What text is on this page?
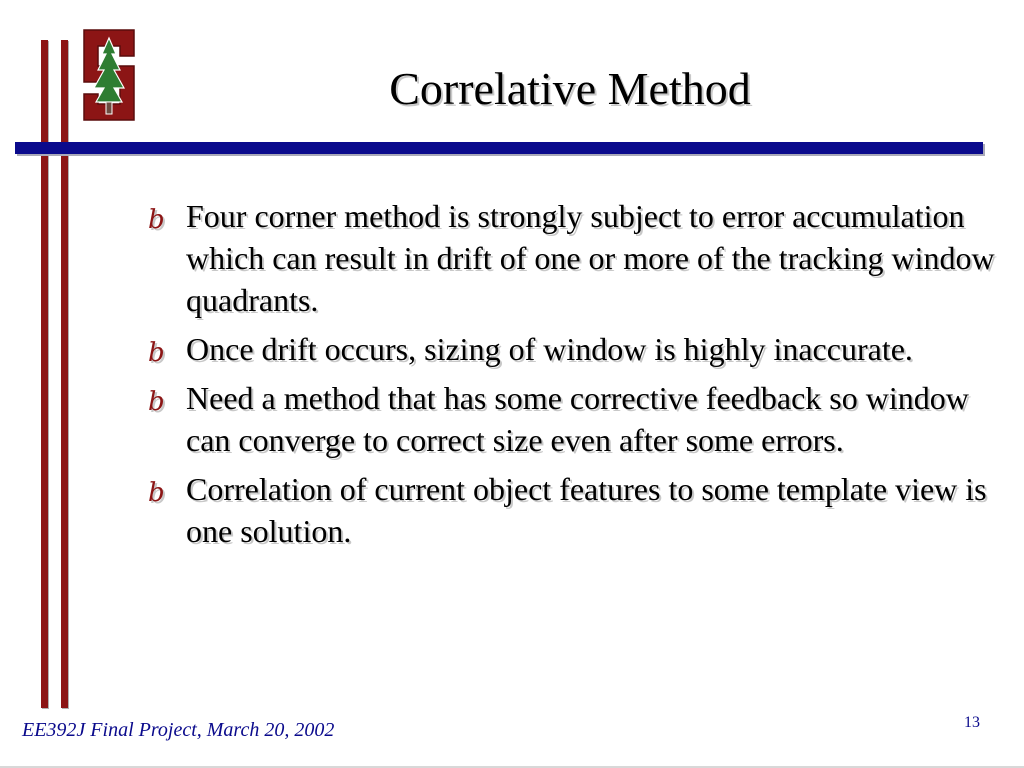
Correlative Method
b Four corner method is strongly subject to error accumulation which can result in drift of one or more of the tracking window quadrants.
b Once drift occurs, sizing of window is highly inaccurate.
b Need a method that has some corrective feedback so window can converge to correct size even after some errors.
b Correlation of current object features to some template view is one solution.
EE392J Final Project, March 20, 2002	13
